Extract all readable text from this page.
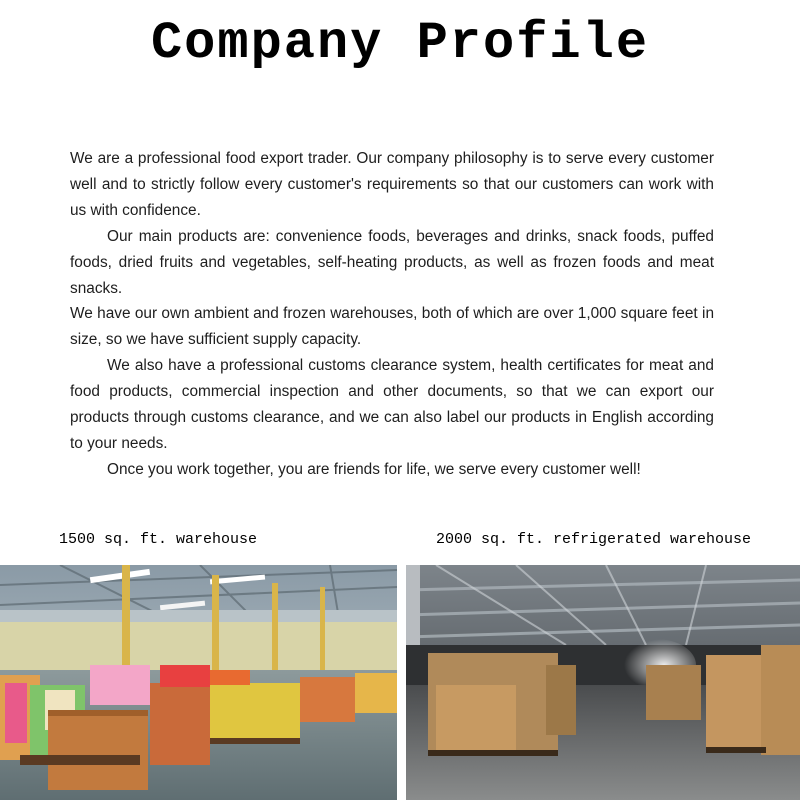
Company Profile

We are a professional food export trader. Our company philosophy is to serve every customer well and to strictly follow every customer's requirements so that our customers can work with us with confidence.

Our main products are: convenience foods, beverages and drinks, snack foods, puffed foods, dried fruits and vegetables, self-heating products, as well as frozen foods and meat snacks.

We have our own ambient and frozen warehouses, both of which are over 1,000 square feet in size, so we have sufficient supply capacity.

We also have a professional customs clearance system, health certificates for meat and food products, commercial inspection and other documents, so that we can export our products through customs clearance, and we can also label our products in English according to your needs.

Once you work together, you are friends for life, we serve every customer well!

1500 sq. ft. warehouse	2000 sq. ft. refrigerated warehouse
